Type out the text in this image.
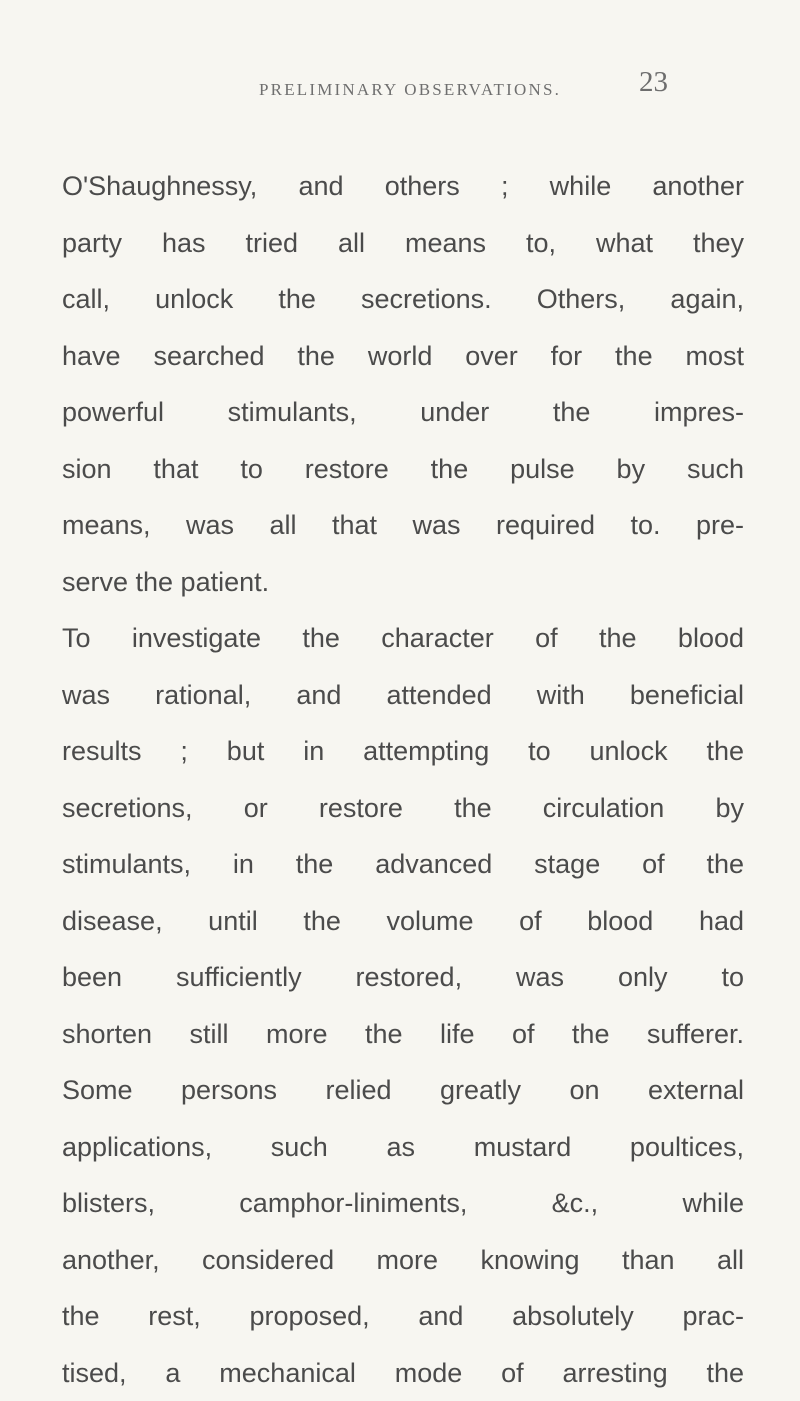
PRELIMINARY OBSERVATIONS.	23
O'Shaughnessy, and others ; while another
party has tried all means to, what they
call, unlock the secretions. Others, again,
have searched the world over for the most
powerful stimulants, under the impres-
sion that to restore the pulse by such
means, was all that was required to. pre-
serve the patient.
To investigate the character of the blood
was rational, and attended with beneficial
results ; but in attempting to unlock the
secretions, or restore the circulation by
stimulants, in the advanced stage of the
disease, until the volume of blood had
been sufficiently restored, was only to
shorten still more the life of the sufferer.
Some persons relied greatly on external
applications, such as mustard poultices,
blisters, camphor-liniments, &c., while
another, considered more knowing than all
the rest, proposed, and absolutely prac-
tised, a mechanical mode of arresting the
